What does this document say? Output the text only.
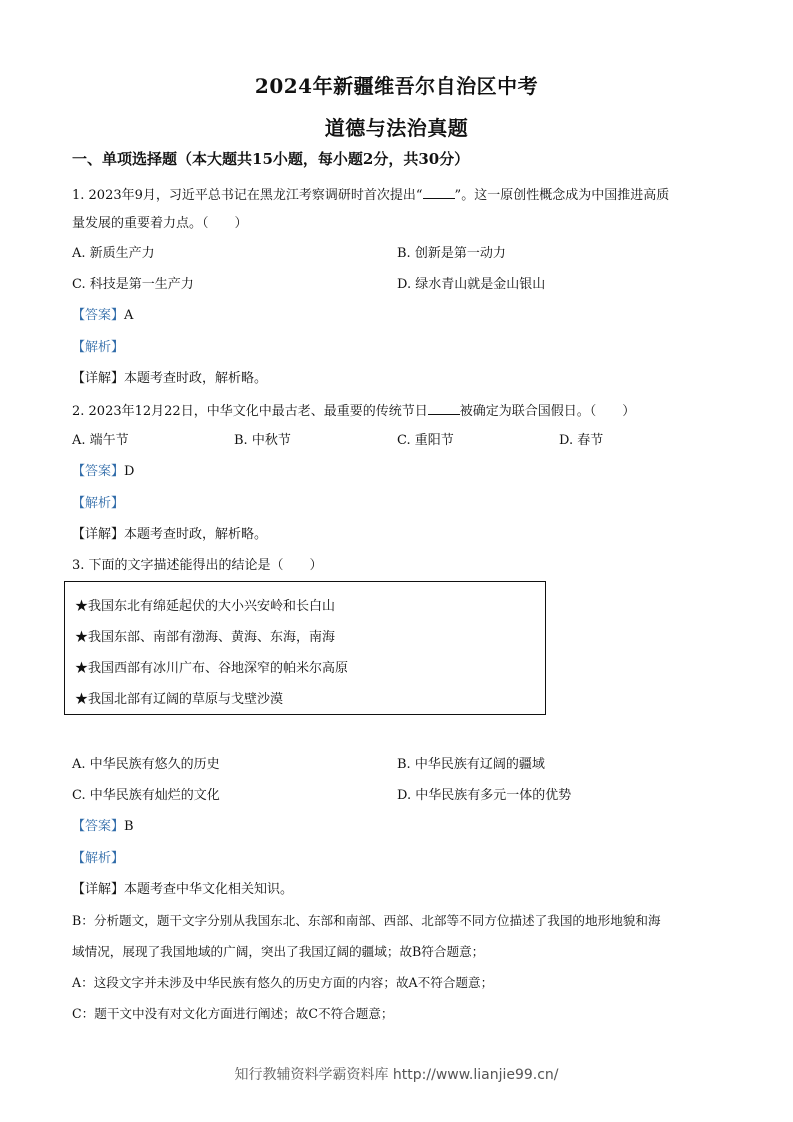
2024年新疆维吾尔自治区中考
道德与法治真题
一、单项选择题（本大题共15小题，每小题2分，共30分）
1. 2023年9月，习近平总书记在黑龙江考察调研时首次提出“ ”。这一原创性概念成为中国推进高质
量发展的重要着力点。（　　）
A. 新质生产力	B. 创新是第一动力
C. 科技是第一生产力	D. 绿水青山就是金山银山
【答案】A
【解析】
【详解】本题考查时政，解析略。
2. 2023年12月22日，中华文化中最古老、最重要的传统节日 被确定为联合国假日。（　　）
A. 端午节	B. 中秋节	C. 重阳节	D. 春节
【答案】D
【解析】
【详解】本题考查时政，解析略。
3. 下面的文字描述能得出的结论是（　　）
★我国东北有绵延起伏的大小兴安岭和长白山
★我国东部、南部有渤海、黄海、东海，南海
★我国西部有冰川广布、谷地深窄的帕米尔高原
★我国北部有辽阔的草原与戈壁沙漠
A. 中华民族有悠久的历史	B. 中华民族有辽阔的疆域
C. 中华民族有灿烂的文化	D. 中华民族有多元一体的优势
【答案】B
【解析】
【详解】本题考查中华文化相关知识。
B：分析题文，题干文字分别从我国东北、东部和南部、西部、北部等不同方位描述了我国的地形地貌和海
域情况，展现了我国地域的广阔，突出了我国辽阔的疆域；故B符合题意；
A：这段文字并未涉及中华民族有悠久的历史方面的内容；故A不符合题意；
C：题干文中没有对文化方面进行阐述；故C不符合题意；
知行教辅资料学霸资料库 http://www.lianjie99.cn/
